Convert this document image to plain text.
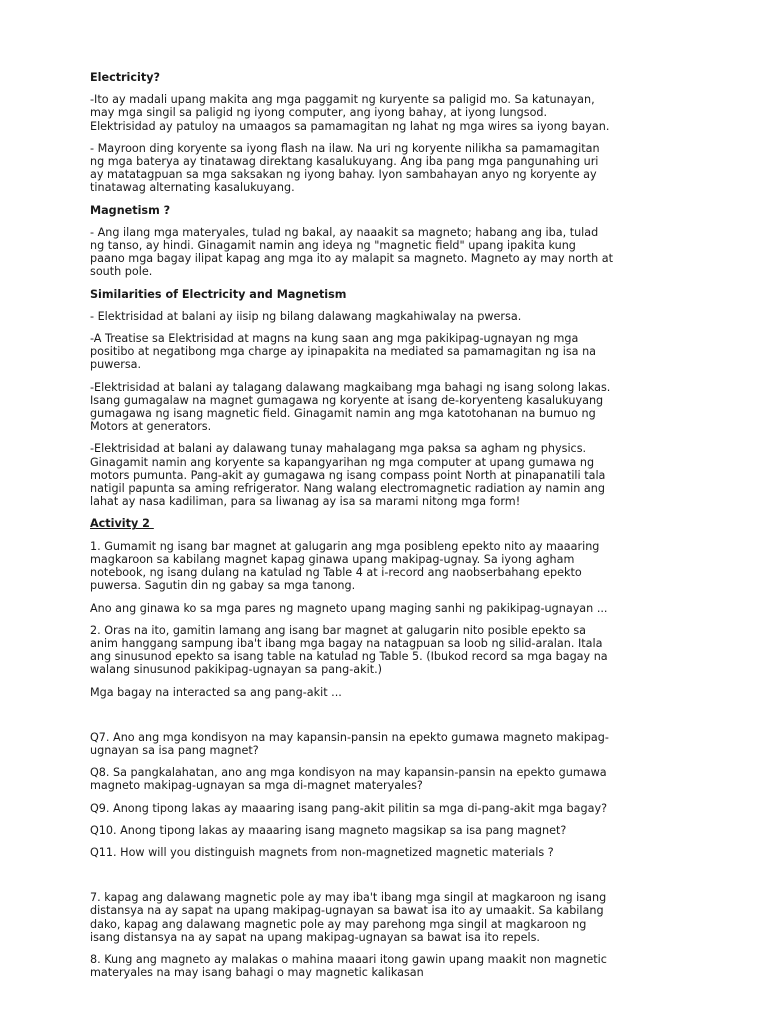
Electricity?
-Ito ay madali upang makita ang mga paggamit ng kuryente sa paligid mo. Sa katunayan,
may mga singil sa paligid ng iyong computer, ang iyong bahay, at iyong lungsod.
Elektrisidad ay patuloy na umaagos sa pamamagitan ng lahat ng mga wires sa iyong bayan.
- Mayroon ding koryente sa iyong flash na ilaw. Na uri ng koryente nilikha sa pamamagitan
ng mga baterya ay tinatawag direktang kasalukuyang. Ang iba pang mga pangunahing uri
ay matatagpuan sa mga saksakan ng iyong bahay. Iyon sambahayan anyo ng koryente ay
tinatawag alternating kasalukuyang.
Magnetism ?
- Ang ilang mga materyales, tulad ng bakal, ay naaakit sa magneto; habang ang iba, tulad
ng tanso, ay hindi. Ginagamit namin ang ideya ng "magnetic field" upang ipakita kung
paano mga bagay ilipat kapag ang mga ito ay malapit sa magneto. Magneto ay may north at
south pole.
Similarities of Electricity and Magnetism
- Elektrisidad at balani ay iisip ng bilang dalawang magkahiwalay na pwersa.
-A Treatise sa Elektrisidad at magns na kung saan ang mga pakikipag-ugnayan ng mga
positibo at negatibong mga charge ay ipinapakita na mediated sa pamamagitan ng isa na
puwersa.
-Elektrisidad at balani ay talagang dalawang magkaibang mga bahagi ng isang solong lakas.
Isang gumagalaw na magnet gumagawa ng koryente at isang de-koryenteng kasalukuyang
gumagawa ng isang magnetic field. Ginagamit namin ang mga katotohanan na bumuo ng
Motors at generators.
-Elektrisidad at balani ay dalawang tunay mahalagang mga paksa sa agham ng physics.
Ginagamit namin ang koryente sa kapangyarihan ng mga computer at upang gumawa ng
motors pumunta. Pang-akit ay gumagawa ng isang compass point North at pinapanatili tala
natigil papunta sa aming refrigerator. Nang walang electromagnetic radiation ay namin ang
lahat ay nasa kadiliman, para sa liwanag ay isa sa marami nitong mga form!
Activity 2
1. Gumamit ng isang bar magnet at galugarin ang mga posibleng epekto nito ay maaaring
magkaroon sa kabilang magnet kapag ginawa upang makipag-ugnay. Sa iyong agham
notebook, ng isang dulang na katulad ng Table 4 at i-record ang naobserbahang epekto
puwersa. Sagutin din ng gabay sa mga tanong.
Ano ang ginawa ko sa mga pares ng magneto upang maging sanhi ng pakikipag-ugnayan ...
2. Oras na ito, gamitin lamang ang isang bar magnet at galugarin nito posible epekto sa
anim hanggang sampung iba't ibang mga bagay na natagpuan sa loob ng silid-aralan. Itala
ang sinusunod epekto sa isang table na katulad ng Table 5. (Ibukod record sa mga bagay na
walang sinusunod pakikipag-ugnayan sa pang-akit.)
Mga bagay na interacted sa ang pang-akit ...
Q7. Ano ang mga kondisyon na may kapansin-pansin na epekto gumawa magneto makipag-
ugnayan sa isa pang magnet?
Q8. Sa pangkalahatan, ano ang mga kondisyon na may kapansin-pansin na epekto gumawa
magneto makipag-ugnayan sa mga di-magnet materyales?
Q9. Anong tipong lakas ay maaaring isang pang-akit pilitin sa mga di-pang-akit mga bagay?
Q10. Anong tipong lakas ay maaaring isang magneto magsikap sa isa pang magnet?
Q11. How will you distinguish magnets from non-magnetized magnetic materials ?
7. kapag ang dalawang magnetic pole ay may iba't ibang mga singil at magkaroon ng isang
distansya na ay sapat na upang makipag-ugnayan sa bawat isa ito ay umaakit. Sa kabilang
dako, kapag ang dalawang magnetic pole ay may parehong mga singil at magkaroon ng
isang distansya na ay sapat na upang makipag-ugnayan sa bawat isa ito repels.
8. Kung ang magneto ay malakas o mahina maaari itong gawin upang maakit non magnetic
materyales na may isang bahagi o may magnetic kalikasan
